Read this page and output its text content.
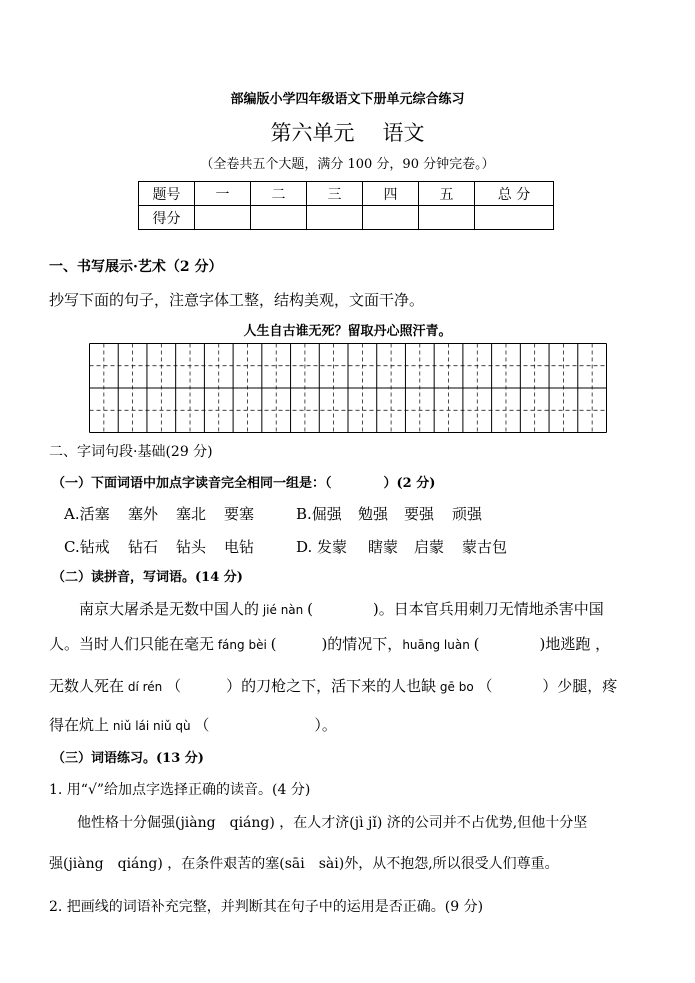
部编版小学四年级语文下册单元综合练习
第六单元 语文
（全卷共五个大题，满分 100 分，90 分钟完卷。）
题号	一	二	三	四	五	总 分
得分						
一、书写展示·艺术（2 分）
抄写下面的句子，注意字体工整，结构美观，文面干净。
人生自古谁无死？留取丹心照汗青。
二、字词句段·基础(29 分)
（一）下面词语中加点字读音完全相同一组是：（　　　　）(2 分)
A.活塞 塞外 塞北 要塞	B.倔强 勉强 要强 顽强
C.钻戒 钻石 钻头 电钻	D. 发蒙 瞎蒙 启蒙 蒙古包
（二）读拼音，写词语。(14 分)
　　南京大屠杀是无数中国人的 jié nàn (　　　　)。日本官兵用刺刀无情地杀害中国
人。当时人们只能在毫无 fáng bèi (　　　)的情况下，huāng luàn (　　　　)地逃跑 ，
无数人死在 dí rén （　　　）的刀枪之下，活下来的人也缺 gē bo （　　　 ）少腿，疼
得在炕上 niǔ lái niǔ qù （　　　　　　　）。
（三）词语练习。(13 分)
1. 用“√”给加点字选择正确的读音。(4 分)
　　他性格十分倔强(jiàng　qiáng) ，在人才济(jì jǐ) 济的公司并不占优势,但他十分坚
强(jiàng　qiáng) ，在条件艰苦的塞(sāi　sài)外，从不抱怨,所以很受人们尊重。
2. 把画线的词语补充完整，并判断其在句子中的运用是否正确。(9 分)
